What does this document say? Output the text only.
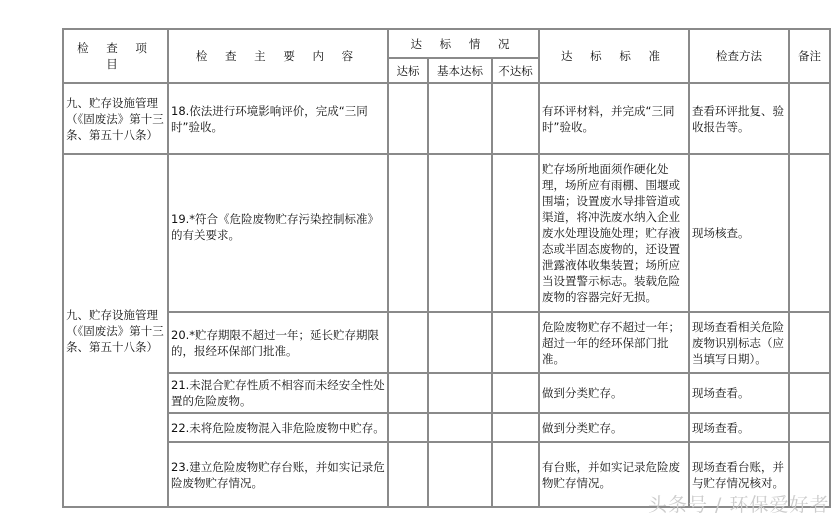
检 查 项 目	检 查 主 要 内 容	达 标 情 况			达 标 标 准	检查方法	备注
		达标	基本达标	不达标			
九、贮存设施管理（《固废法》第十三条、第五十八条）	18.依法进行环境影响评价，完成“三同时”验收。				有环评材料，并完成“三同时”验收。	查看环评批复、验收报告等。	
九、贮存设施管理（《固废法》第十三条、第五十八条）	19.*符合《危险废物贮存污染控制标准》的有关要求。				贮存场所地面须作硬化处理，场所应有雨棚、围堰或围墙；设置废水导排管道或渠道，将冲洗废水纳入企业废水处理设施处理；贮存液态或半固态废物的，还设置泄露液体收集装置；场所应当设置警示标志。装载危险废物的容器完好无损。	现场核查。	
	20.*贮存期限不超过一年；延长贮存期限的，报经环保部门批准。				危险废物贮存不超过一年；超过一年的经环保部门批准。	现场查看相关危险废物识别标志（应当填写日期）。	
	21.未混合贮存性质不相容而未经安全性处置的危险废物。				做到分类贮存。	现场查看。	
	22.未将危险废物混入非危险废物中贮存。				做到分类贮存。	现场查看。	
	23.建立危险废物贮存台账，并如实记录危险废物贮存情况。				有台账，并如实记录危险废物贮存情况。	现场查看台账，并与贮存情况核对。	
头条号 / 环保爱好者
